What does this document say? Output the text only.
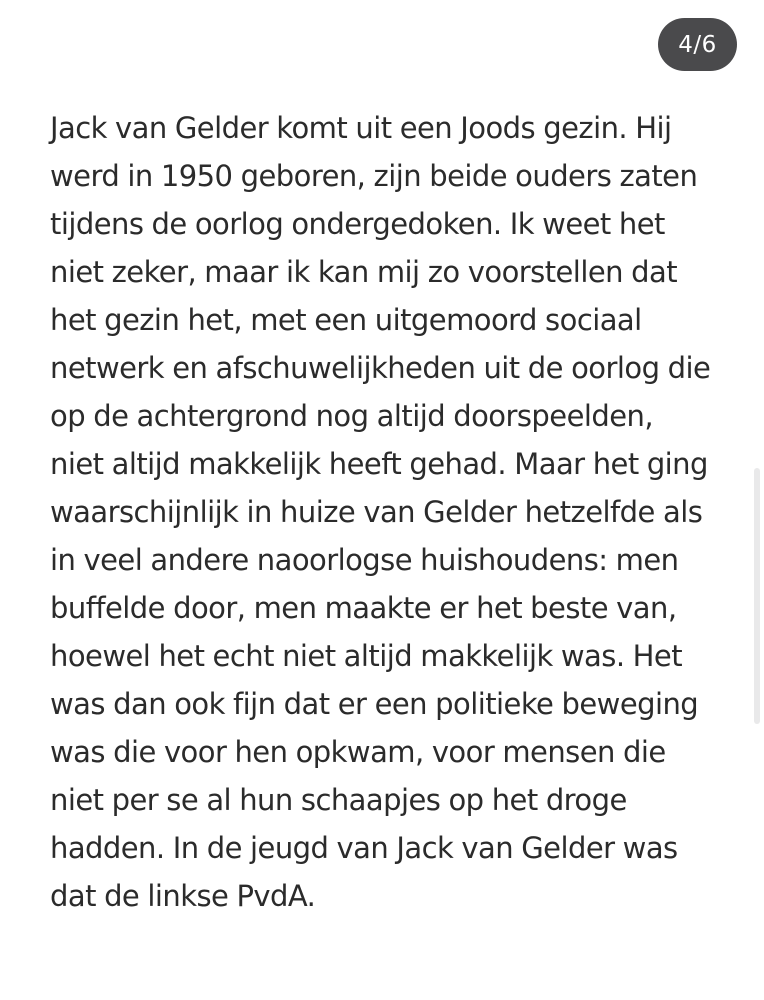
4/6
Jack van Gelder komt uit een Joods gezin. Hij
werd in 1950 geboren, zijn beide ouders zaten
tijdens de oorlog ondergedoken. Ik weet het
niet zeker, maar ik kan mij zo voorstellen dat
het gezin het, met een uitgemoord sociaal
netwerk en afschuwelijkheden uit de oorlog die
op de achtergrond nog altijd doorspeelden,
niet altijd makkelijk heeft gehad. Maar het ging
waarschijnlijk in huize van Gelder hetzelfde als
in veel andere naoorlogse huishoudens: men
buffelde door, men maakte er het beste van,
hoewel het echt niet altijd makkelijk was. Het
was dan ook fijn dat er een politieke beweging
was die voor hen opkwam, voor mensen die
niet per se al hun schaapjes op het droge
hadden. In de jeugd van Jack van Gelder was
dat de linkse PvdA.
